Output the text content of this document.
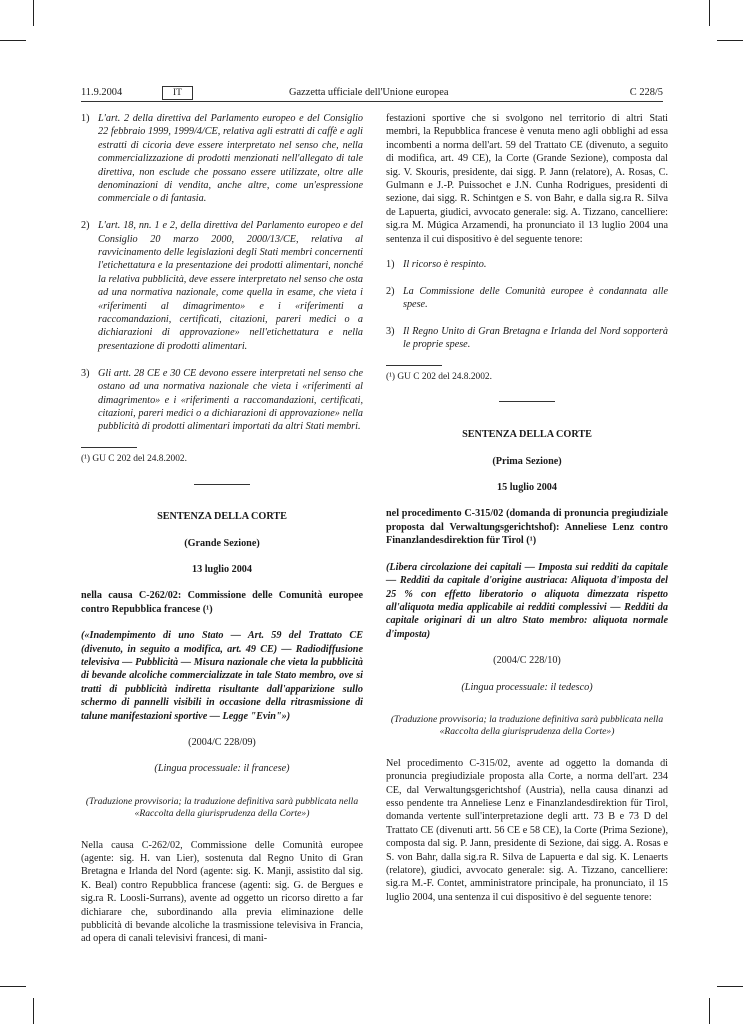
11.9.2004	IT	Gazzetta ufficiale dell'Unione europea	C 228/5
1) L'art. 2 della direttiva del Parlamento europeo e del Consiglio 22 febbraio 1999, 1999/4/CE, relativa agli estratti di caffè e agli estratti di cicoria deve essere interpretato nel senso che, nella commercializzazione di prodotti menzionati nell'allegato di tale direttiva, non esclude che possano essere utilizzate, oltre alle denominazioni di vendita, anche altre, come un'espressione commerciale o di fantasia.
2) L'art. 18, nn. 1 e 2, della direttiva del Parlamento europeo e del Consiglio 20 marzo 2000, 2000/13/CE, relativa al ravvicinamento delle legislazioni degli Stati membri concernenti l'etichettatura e la presentazione dei prodotti alimentari, nonché la relativa pubblicità, deve essere interpretato nel senso che osta ad una normativa nazionale, come quella in esame, che vieta i «riferimenti al dimagrimento» e i «riferimenti a raccomandazioni, certificati, citazioni, pareri medici o a dichiarazioni di approvazione» nell'etichettatura e nella presentazione di prodotti alimentari.
3) Gli artt. 28 CE e 30 CE devono essere interpretati nel senso che ostano ad una normativa nazionale che vieta i «riferimenti al dimagrimento» e i «riferimenti a raccomandazioni, certificati, citazioni, pareri medici o a dichiarazioni di approvazione» nella pubblicità di prodotti alimentari importati da altri Stati membri.

(¹) GU C 202 del 24.8.2002.

SENTENZA DELLA CORTE

(Grande Sezione)

13 luglio 2004

nella causa C-262/02: Commissione delle Comunità europee contro Repubblica francese (¹)

(«Inadempimento di uno Stato — Art. 59 del Trattato CE (divenuto, in seguito a modifica, art. 49 CE) — Radiodiffusione televisiva — Pubblicità — Misura nazionale che vieta la pubblicità di bevande alcoliche commercializzate in tale Stato membro, ove si tratti di pubblicità indiretta risultante dall'apparizione sullo schermo di pannelli visibili in occasione della ritrasmissione di talune manifestazioni sportive — Legge "Evin"»)

(2004/C 228/09)

(Lingua processuale: il francese)

(Traduzione provvisoria; la traduzione definitiva sarà pubblicata nella «Raccolta della giurisprudenza della Corte»)

Nella causa C-262/02, Commissione delle Comunità europee (agente: sig. H. van Lier), sostenuta dal Regno Unito di Gran Bretagna e Irlanda del Nord (agente: sig. K. Manji, assistito dal sig. K. Beal) contro Repubblica francese (agenti: sig. G. de Bergues e sig.ra R. Loosli-Surrans), avente ad oggetto un ricorso diretto a far dichiarare che, subordinando alla previa eliminazione delle pubblicità di bevande alcoliche la trasmissione televisiva in Francia, ad opera di canali televisivi francesi, di mani-

festazioni sportive che si svolgono nel territorio di altri Stati membri, la Repubblica francese è venuta meno agli obblighi ad essa incombenti a norma dell'art. 59 del Trattato CE (divenuto, a seguito di modifica, art. 49 CE), la Corte (Grande Sezione), composta dal sig. V. Skouris, presidente, dai sigg. P. Jann (relatore), A. Rosas, C. Gulmann e J.-P. Puissochet e J.N. Cunha Rodrigues, presidenti di sezione, dai sigg. R. Schintgen e S. von Bahr, e dalla sig.ra R. Silva de Lapuerta, giudici, avvocato generale: sig. A. Tizzano, cancelliere: sig.ra M. Múgica Arzamendi, ha pronunciato il 13 luglio 2004 una sentenza il cui dispositivo è del seguente tenore:

1) Il ricorso è respinto.
2) La Commissione delle Comunità europee è condannata alle spese.
3) Il Regno Unito di Gran Bretagna e Irlanda del Nord sopporterà le proprie spese.

(¹) GU C 202 del 24.8.2002.

SENTENZA DELLA CORTE

(Prima Sezione)

15 luglio 2004

nel procedimento C-315/02 (domanda di pronuncia pregiudiziale proposta dal Verwaltungsgerichtshof): Anneliese Lenz contro Finanzlandesdirektion für Tirol (¹)

(Libera circolazione dei capitali — Imposta sui redditi da capitale — Redditi da capitale d'origine austriaca: Aliquota d'imposta del 25 % con effetto liberatorio o aliquota dimezzata rispetto all'aliquota media applicabile ai redditi complessivi — Redditi da capitale originari di un altro Stato membro: aliquota normale d'imposta)

(2004/C 228/10)

(Lingua processuale: il tedesco)

(Traduzione provvisoria; la traduzione definitiva sarà pubblicata nella «Raccolta della giurisprudenza della Corte»)

Nel procedimento C-315/02, avente ad oggetto la domanda di pronuncia pregiudiziale proposta alla Corte, a norma dell'art. 234 CE, dal Verwaltungsgerichtshof (Austria), nella causa dinanzi ad esso pendente tra Anneliese Lenz e Finanzlandesdirektion für Tirol, domanda vertente sull'interpretazione degli artt. 73 B e 73 D del Trattato CE (divenuti artt. 56 CE e 58 CE), la Corte (Prima Sezione), composta dal sig. P. Jann, presidente di Sezione, dai sigg. A. Rosas e S. von Bahr, dalla sig.ra R. Silva de Lapuerta e dal sig. K. Lenaerts (relatore), giudici, avvocato generale: sig. A. Tizzano, cancelliere: sig.ra M.-F. Contet, amministratore principale, ha pronunciato, il 15 luglio 2004, una sentenza il cui dispositivo è del seguente tenore:
